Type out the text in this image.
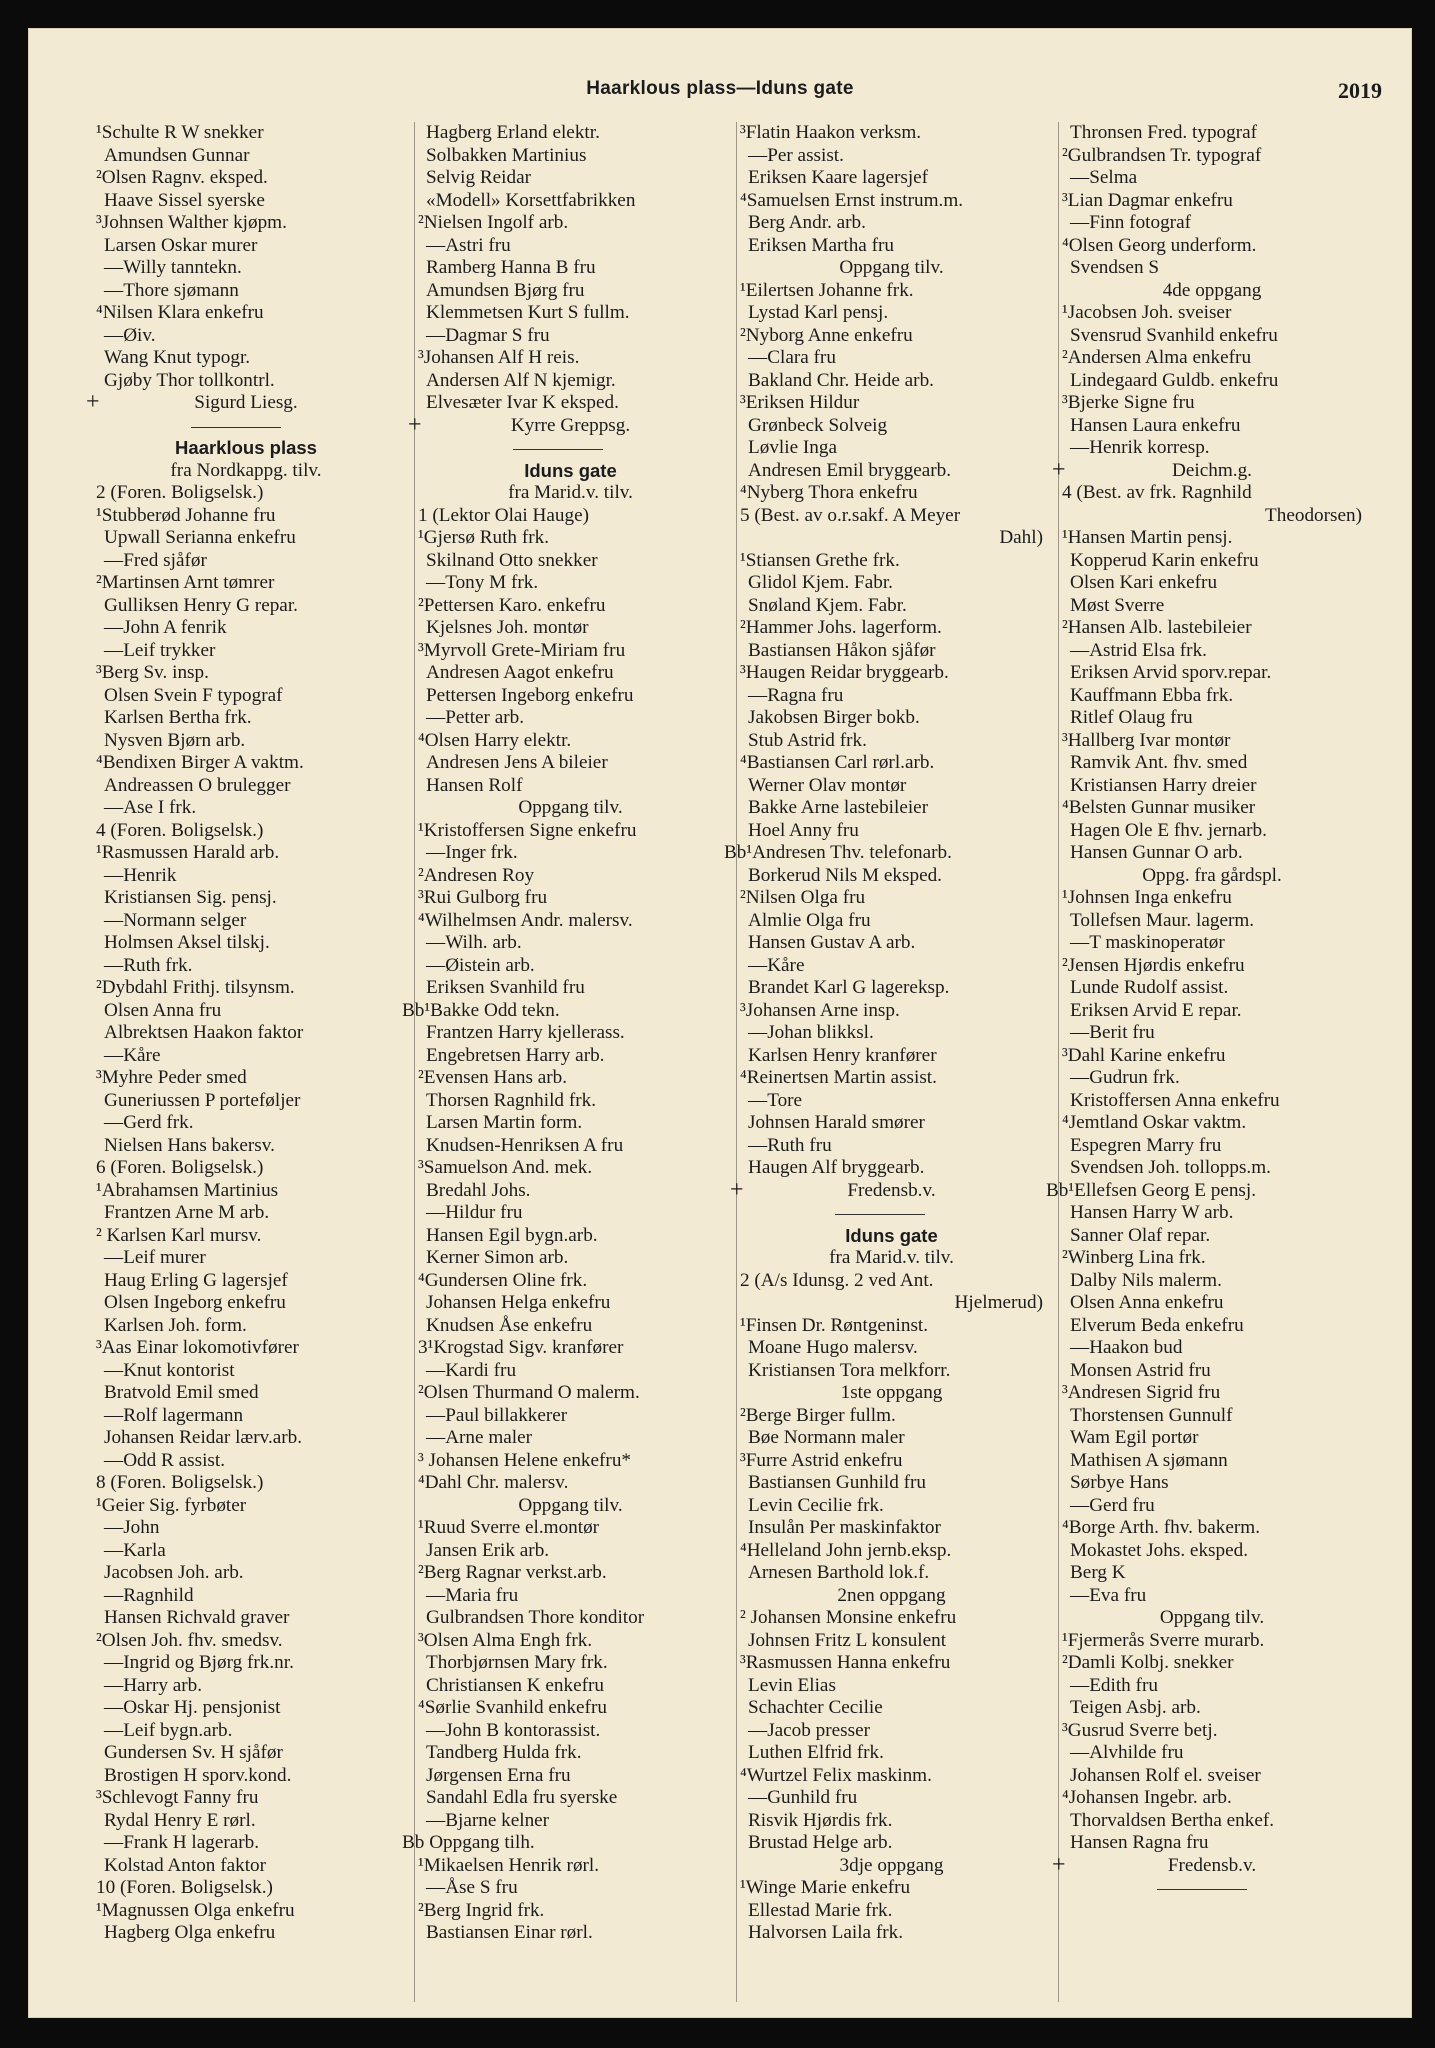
Haarklous plass—Iduns gate	2019
¹Schulte R W snekker
Amundsen Gunnar
²Olsen Ragnv. eksped.
Haave Sissel syerske
³Johnsen Walther kjøpm.
Larsen Oskar murer
—Willy tanntekn.
—Thore sjømann
⁴Nilsen Klara enkefru
—Øiv.
Wang Knut typogr.
Gjøby Thor tollkontrl.
+	Sigurd Liesg.
Haarklous plass
fra Nordkappg. tilv.
2 (Foren. Boligselsk.)
¹Stubberød Johanne fru
Upwall Serianna enkefru
—Fred sjåfør
²Martinsen Arnt tømrer
Gulliksen Henry G repar.
—John A fenrik
—Leif trykker
³Berg Sv. insp.
Olsen Svein F typograf
Karlsen Bertha frk.
Nysven Bjørn arb.
⁴Bendixen Birger A vaktm.
Andreassen O brulegger
—Ase I frk.
4 (Foren. Boligselsk.)
¹Rasmussen Harald arb.
—Henrik
Kristiansen Sig. pensj.
—Normann selger
Holmsen Aksel tilskj.
—Ruth frk.
²Dybdahl Frithj. tilsynsm.
Olsen Anna fru
Albrektsen Haakon faktor
—Kåre
³Myhre Peder smed
Guneriussen P porteføljer
—Gerd frk.
Nielsen Hans bakersv.
6 (Foren. Boligselsk.)
¹Abrahamsen Martinius
Frantzen Arne M arb.
² Karlsen Karl mursv.
—Leif murer
Haug Erling G lagersjef
Olsen Ingeborg enkefru
Karlsen Joh. form.
³Aas Einar lokomotivfører
—Knut kontorist
Bratvold Emil smed
—Rolf lagermann
Johansen Reidar lærv.arb.
—Odd R assist.
8 (Foren. Boligselsk.)
¹Geier Sig. fyrbøter
—John
—Karla
Jacobsen Joh. arb.
—Ragnhild
Hansen Richvald graver
²Olsen Joh. fhv. smedsv.
—Ingrid og Bjørg frk.nr.
—Harry arb.
—Oskar Hj. pensjonist
—Leif bygn.arb.
Gundersen Sv. H sjåfør
Brostigen H sporv.kond.
³Schlevogt Fanny fru
Rydal Henry E rørl.
—Frank H lagerarb.
Kolstad Anton faktor
10 (Foren. Boligselsk.)
¹Magnussen Olga enkefru
Hagberg Olga enkefru
Hagberg Erland elektr.
Solbakken Martinius
Selvig Reidar
«Modell» Korsettfabrikken
²Nielsen Ingolf arb.
—Astri fru
Ramberg Hanna B fru
Amundsen Bjørg fru
Klemmetsen Kurt S fullm.
—Dagmar S fru
³Johansen Alf H reis.
Andersen Alf N kjemigr.
Elvesæter Ivar K eksped.
+	Kyrre Greppsg.
Iduns gate
fra Marid.v. tilv.
1 (Lektor Olai Hauge)
¹Gjersø Ruth frk.
Skilnand Otto snekker
—Tony M frk.
²Pettersen Karo. enkefru
Kjelsnes Joh. montør
³Myrvoll Grete-Miriam fru
Andresen Aagot enkefru
Pettersen Ingeborg enkefru
—Petter arb.
⁴Olsen Harry elektr.
Andresen Jens A bileier
Hansen Rolf
Oppgang tilv.
¹Kristoffersen Signe enkefru
—Inger frk.
²Andresen Roy
³Rui Gulborg fru
⁴Wilhelmsen Andr. malersv.
—Wilh. arb.
—Øistein arb.
Eriksen Svanhild fru
Bb¹Bakke Odd tekn.
Frantzen Harry kjellerass.
Engebretsen Harry arb.
²Evensen Hans arb.
Thorsen Ragnhild frk.
Larsen Martin form.
Knudsen-Henriksen A fru
³Samuelson And. mek.
Bredahl Johs.
—Hildur fru
Hansen Egil bygn.arb.
Kerner Simon arb.
⁴Gundersen Oline frk.
Johansen Helga enkefru
Knudsen Åse enkefru
3¹Krogstad Sigv. kranfører
—Kardi fru
²Olsen Thurmand O malerm.
—Paul billakkerer
—Arne maler
³ Johansen Helene enkefru*
⁴Dahl Chr. malersv.
Oppgang tilv.
¹Ruud Sverre el.montør
Jansen Erik arb.
²Berg Ragnar verkst.arb.
—Maria fru
Gulbrandsen Thore konditor
³Olsen Alma Engh frk.
Thorbjørnsen Mary frk.
Christiansen K enkefru
⁴Sørlie Svanhild enkefru
—John B kontorassist.
Tandberg Hulda frk.
Jørgensen Erna fru
Sandahl Edla fru syerske
—Bjarne kelner
Bb Oppgang tilh.
¹Mikaelsen Henrik rørl.
—Åse S fru
²Berg Ingrid frk.
Bastiansen Einar rørl.
³Flatin Haakon verksm.
—Per assist.
Eriksen Kaare lagersjef
⁴Samuelsen Ernst instrum.m.
Berg Andr. arb.
Eriksen Martha fru
Oppgang tilv.
¹Eilertsen Johanne frk.
Lystad Karl pensj.
²Nyborg Anne enkefru
—Clara fru
Bakland Chr. Heide arb.
³Eriksen Hildur
Grønbeck Solveig
Løvlie Inga
Andresen Emil bryggearb.
⁴Nyberg Thora enkefru
5 (Best. av o.r.sakf. A Meyer
Dahl)
¹Stiansen Grethe frk.
Glidol Kjem. Fabr.
Snøland Kjem. Fabr.
²Hammer Johs. lagerform.
Bastiansen Håkon sjåfør
³Haugen Reidar bryggearb.
—Ragna fru
Jakobsen Birger bokb.
Stub Astrid frk.
⁴Bastiansen Carl rørl.arb.
Werner Olav montør
Bakke Arne lastebileier
Hoel Anny fru
Bb¹Andresen Thv. telefonarb.
Borkerud Nils M eksped.
²Nilsen Olga fru
Almlie Olga fru
Hansen Gustav A arb.
—Kåre
Brandet Karl G lagereksp.
³Johansen Arne insp.
—Johan blikksl.
Karlsen Henry kranfører
⁴Reinertsen Martin assist.
—Tore
Johnsen Harald smører
—Ruth fru
Haugen Alf bryggearb.
+	Fredensb.v.
Iduns gate
fra Marid.v. tilv.
2 (A/s Idunsg. 2 ved Ant.
Hjelmerud)
¹Finsen Dr. Røntgeninst.
Moane Hugo malersv.
Kristiansen Tora melkforr.
1ste oppgang
²Berge Birger fullm.
Bøe Normann maler
³Furre Astrid enkefru
Bastiansen Gunhild fru
Levin Cecilie frk.
Insulån Per maskinfaktor
⁴Helleland John jernb.eksp.
Arnesen Barthold lok.f.
2nen oppgang
² Johansen Monsine enkefru
Johnsen Fritz L konsulent
³Rasmussen Hanna enkefru
Levin Elias
Schachter Cecilie
—Jacob presser
Luthen Elfrid frk.
⁴Wurtzel Felix maskinm.
—Gunhild fru
Risvik Hjørdis frk.
Brustad Helge arb.
3dje oppgang
¹Winge Marie enkefru
Ellestad Marie frk.
Halvorsen Laila frk.
Thronsen Fred. typograf
²Gulbrandsen Tr. typograf
—Selma
³Lian Dagmar enkefru
—Finn fotograf
⁴Olsen Georg underform.
Svendsen S
4de oppgang
¹Jacobsen Joh. sveiser
Svensrud Svanhild enkefru
²Andersen Alma enkefru
Lindegaard Guldb. enkefru
³Bjerke Signe fru
Hansen Laura enkefru
—Henrik korresp.
+	Deichm.g.
4 (Best. av frk. Ragnhild
Theodorsen)
¹Hansen Martin pensj.
Kopperud Karin enkefru
Olsen Kari enkefru
Møst Sverre
²Hansen Alb. lastebileier
—Astrid Elsa frk.
Eriksen Arvid sporv.repar.
Kauffmann Ebba frk.
Ritlef Olaug fru
³Hallberg Ivar montør
Ramvik Ant. fhv. smed
Kristiansen Harry dreier
⁴Belsten Gunnar musiker
Hagen Ole E fhv. jernarb.
Hansen Gunnar O arb.
Oppg. fra gårdspl.
¹Johnsen Inga enkefru
Tollefsen Maur. lagerm.
—T maskinoperatør
²Jensen Hjørdis enkefru
Lunde Rudolf assist.
Eriksen Arvid E repar.
—Berit fru
³Dahl Karine enkefru
—Gudrun frk.
Kristoffersen Anna enkefru
⁴Jemtland Oskar vaktm.
Espegren Marry fru
Svendsen Joh. tollopps.m.
Bb¹Ellefsen Georg E pensj.
Hansen Harry W arb.
Sanner Olaf repar.
²Winberg Lina frk.
Dalby Nils malerm.
Olsen Anna enkefru
Elverum Beda enkefru
—Haakon bud
Monsen Astrid fru
³Andresen Sigrid fru
Thorstensen Gunnulf
Wam Egil portør
Mathisen A sjømann
Sørbye Hans
—Gerd fru
⁴Borge Arth. fhv. bakerm.
Mokastet Johs. eksped.
Berg K
—Eva fru
Oppgang tilv.
¹Fjermerås Sverre murarb.
²Damli Kolbj. snekker
—Edith fru
Teigen Asbj. arb.
³Gusrud Sverre betj.
—Alvhilde fru
Johansen Rolf el. sveiser
⁴Johansen Ingebr. arb.
Thorvaldsen Bertha enkef.
Hansen Ragna fru
+	Fredensb.v.
